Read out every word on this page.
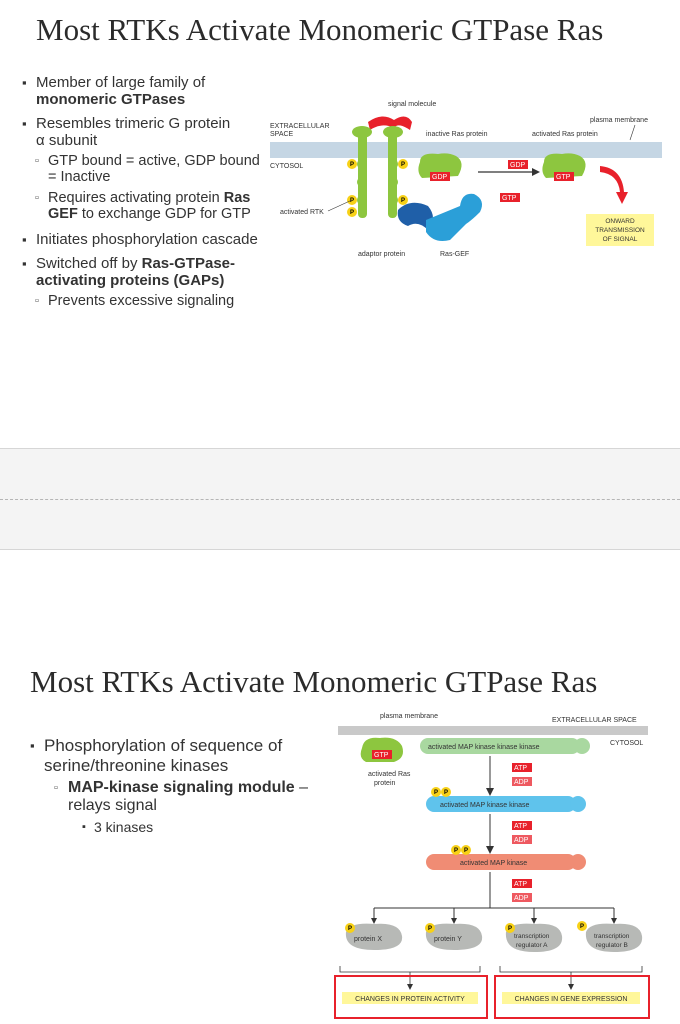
Most RTKs Activate Monomeric GTPase Ras
▪ Member of large family of
monomeric GTPases
▪ Resembles trimeric G protein
α subunit
▫ GTP bound = active, GDP bound = Inactive
▫ Requires activating protein Ras GEF to exchange GDP for GTP
▪ Initiates phosphorylation cascade
▪ Switched off by Ras-GTPase-activating proteins (GAPs)
▫ Prevents excessive signaling
EXTRACELLULAR
SPACE
CYTOSOL
plasma membrane
signal molecule
P	P
P	P
P
activated RTK
adaptor protein	Ras-GEF
inactive Ras protein
GDP
GDP
GTP
activated Ras protein
GTP
ONWARD
TRANSMISSION
OF SIGNAL
Most RTKs Activate Monomeric GTPase Ras
▪ Phosphorylation of sequence of serine/threonine kinases
▫ MAP-kinase signaling module – relays signal
▪ 3 kinases
plasma membrane
EXTRACELLULAR SPACE
CYTOSOL
GTP
activated Ras
protein
activated MAP kinase kinase kinase
ATP
ADP
P P
activated MAP kinase kinase
ATP
ADP
P P
activated MAP kinase
ATP
ADP
P	P	P	P
protein X	protein Y	transcription
regulator A
transcription
regulator B
CHANGES IN PROTEIN ACTIVITY	CHANGES IN GENE EXPRESSION
